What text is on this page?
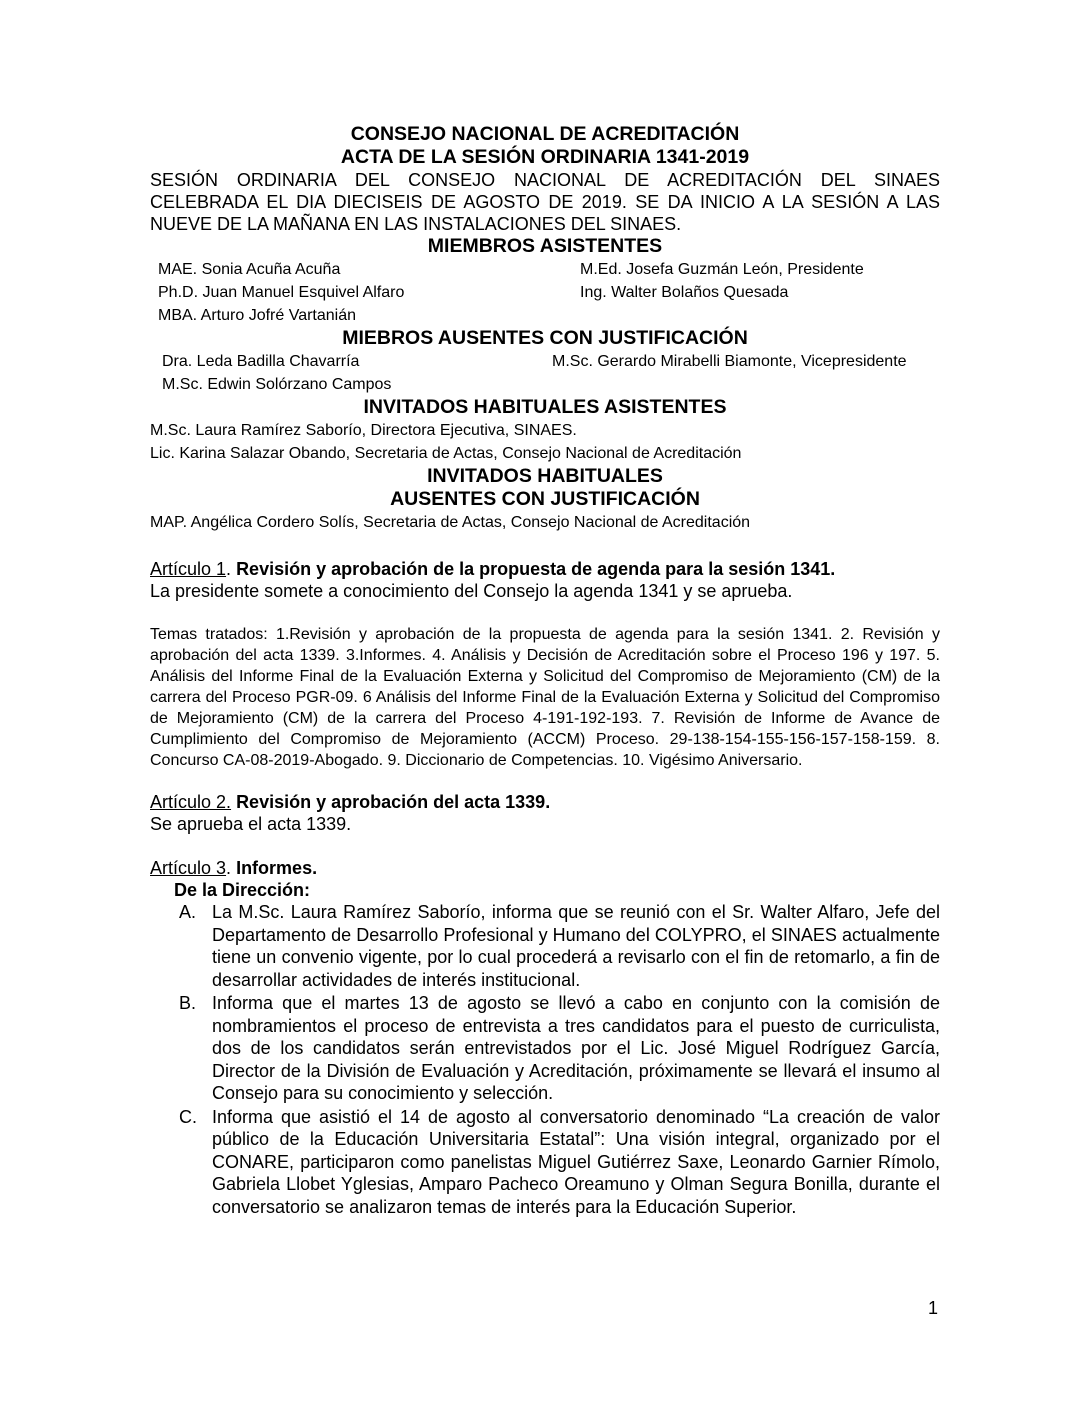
CONSEJO NACIONAL DE ACREDITACIÓN
ACTA DE LA SESIÓN ORDINARIA 1341-2019
SESIÓN ORDINARIA DEL CONSEJO NACIONAL DE ACREDITACIÓN DEL SINAES CELEBRADA EL DIA DIECISEIS DE AGOSTO DE 2019. SE DA INICIO A LA SESIÓN A LAS NUEVE DE LA MAÑANA EN LAS INSTALACIONES DEL SINAES.
MIEMBROS ASISTENTES
MAE. Sonia Acuña Acuña
Ph.D. Juan Manuel Esquivel Alfaro
MBA. Arturo Jofré Vartanián
M.Ed. Josefa Guzmán León, Presidente
Ing. Walter Bolaños Quesada
MIEBROS AUSENTES CON JUSTIFICACIÓN
Dra. Leda Badilla Chavarría
M.Sc. Edwin Solórzano Campos
M.Sc. Gerardo Mirabelli Biamonte, Vicepresidente
INVITADOS HABITUALES ASISTENTES
M.Sc. Laura Ramírez Saborío, Directora Ejecutiva, SINAES.
Lic. Karina Salazar Obando, Secretaria de Actas, Consejo Nacional de Acreditación
INVITADOS HABITUALES
AUSENTES CON JUSTIFICACIÓN
MAP. Angélica Cordero Solís, Secretaria de Actas, Consejo Nacional de Acreditación
Artículo 1. Revisión y aprobación de la propuesta de agenda para la sesión 1341.
La presidente somete a conocimiento del Consejo la agenda 1341 y se aprueba.
Temas tratados: 1.Revisión y aprobación de la propuesta de agenda para la sesión 1341. 2. Revisión y aprobación del acta 1339. 3.Informes. 4. Análisis y Decisión de Acreditación sobre el Proceso 196 y 197. 5. Análisis del Informe Final de la Evaluación Externa y Solicitud del Compromiso de Mejoramiento (CM) de la carrera del Proceso PGR-09. 6 Análisis del Informe Final de la Evaluación Externa y Solicitud del Compromiso de Mejoramiento (CM) de la carrera del Proceso 4-191-192-193. 7. Revisión de Informe de Avance de Cumplimiento del Compromiso de Mejoramiento (ACCM) Proceso. 29-138-154-155-156-157-158-159. 8. Concurso CA-08-2019-Abogado. 9. Diccionario de Competencias. 10. Vigésimo Aniversario.
Artículo 2. Revisión y aprobación del acta 1339.
Se aprueba el acta 1339.
Artículo 3. Informes.
De la Dirección:
A. La M.Sc. Laura Ramírez Saborío, informa que se reunió con el Sr. Walter Alfaro, Jefe del Departamento de Desarrollo Profesional y Humano del COLYPRO, el SINAES actualmente tiene un convenio vigente, por lo cual procederá a revisarlo con el fin de retomarlo, a fin de desarrollar actividades de interés institucional.
B. Informa que el martes 13 de agosto se llevó a cabo en conjunto con la comisión de nombramientos el proceso de entrevista a tres candidatos para el puesto de curriculista, dos de los candidatos serán entrevistados por el Lic. José Miguel Rodríguez García, Director de la División de Evaluación y Acreditación, próximamente se llevará el insumo al Consejo para su conocimiento y selección.
C. Informa que asistió el 14 de agosto al conversatorio denominado “La creación de valor público de la Educación Universitaria Estatal”: Una visión integral, organizado por el CONARE, participaron como panelistas Miguel Gutiérrez Saxe, Leonardo Garnier Rímolo, Gabriela Llobet Yglesias, Amparo Pacheco Oreamuno y Olman Segura Bonilla, durante el conversatorio se analizaron temas de interés para la Educación Superior.
1
